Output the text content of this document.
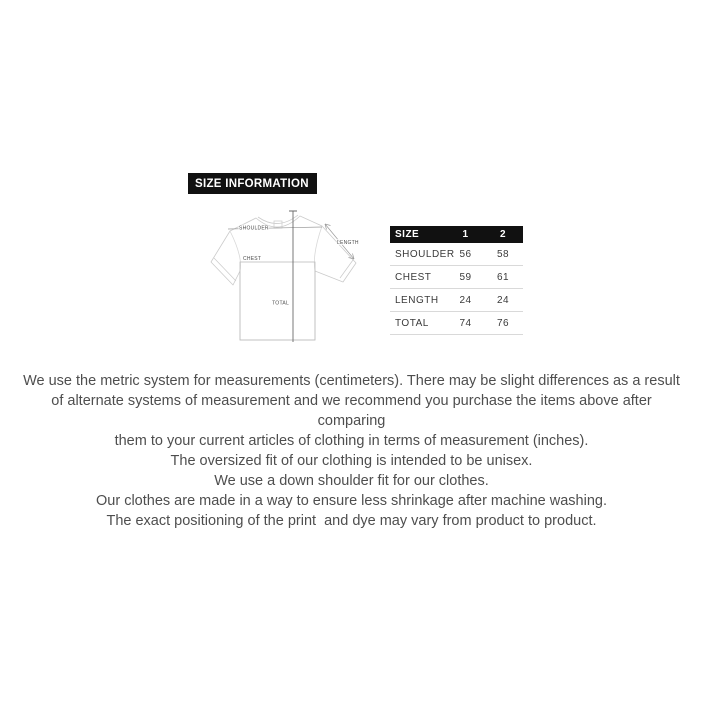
SIZE INFORMATION
SHOULDER
LENGTH
CHEST
TOTAL
SIZE	1	2
SHOULDER	56	58
CHEST	59	61
LENGTH	24	24
TOTAL	74	76
We use the metric system for measurements (centimeters). There may be slight differences as a result
of alternate systems of measurement and we recommend you purchase the items above after
comparing
them to your current articles of clothing in terms of measurement (inches).
The oversized fit of our clothing is intended to be unisex.
We use a down shoulder fit for our clothes.
Our clothes are made in a way to ensure less shrinkage after machine washing.
The exact positioning of the print  and dye may vary from product to product.
